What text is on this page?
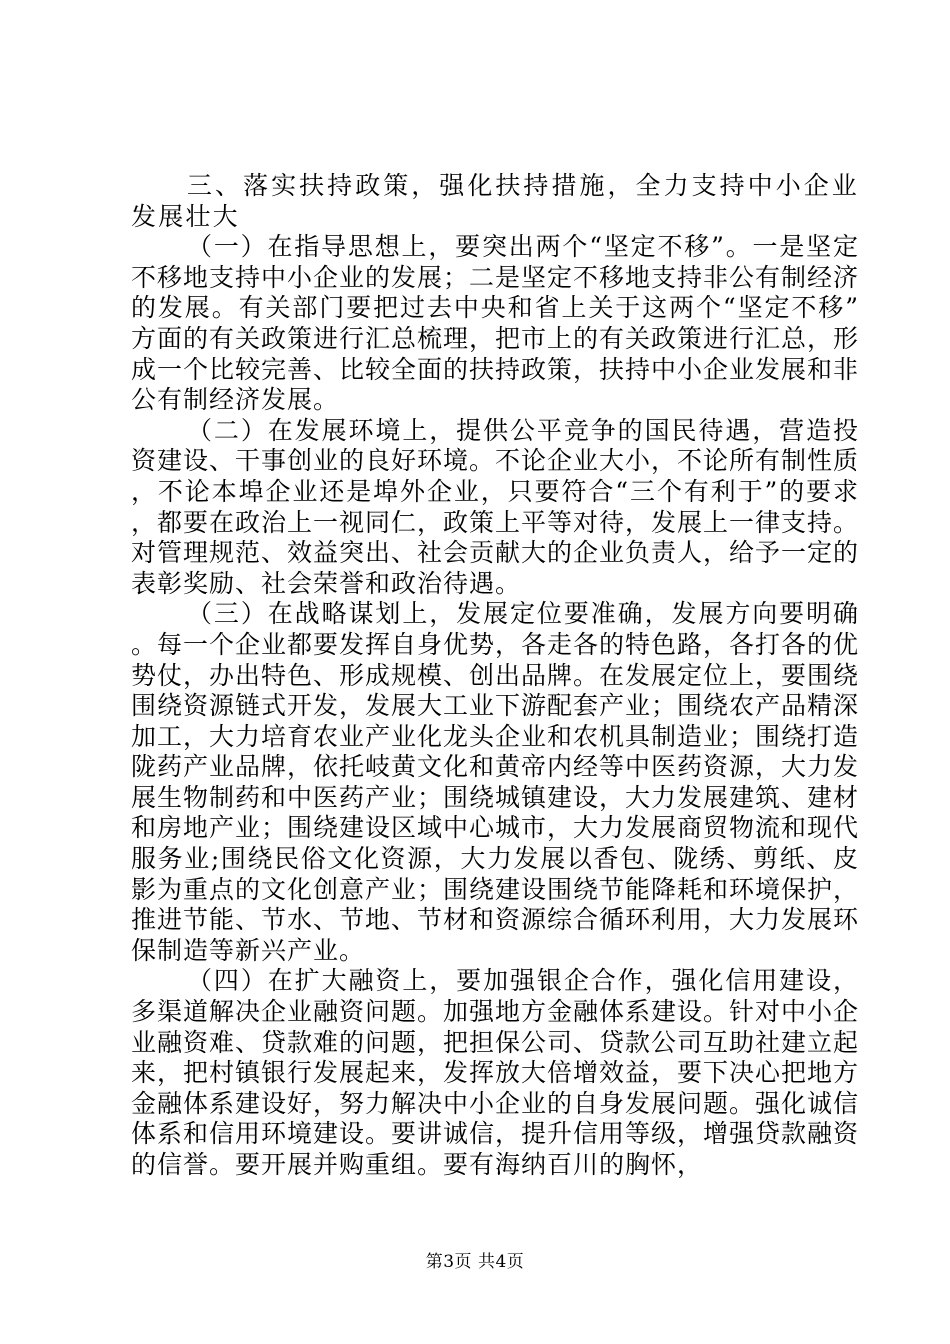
三、落实扶持政策，强化扶持措施，全力支持中小企业发展壮大

（一）在指导思想上，要突出两个“坚定不移”。一是坚定不移地支持中小企业的发展；二是坚定不移地支持非公有制经济的发展。有关部门要把过去中央和省上关于这两个“坚定不移”方面的有关政策进行汇总梳理，把市上的有关政策进行汇总，形成一个比较完善、比较全面的扶持政策，扶持中小企业发展和非公有制经济发展。

（二）在发展环境上，提供公平竞争的国民待遇，营造投资建设、干事创业的良好环境。不论企业大小，不论所有制性质，不论本埠企业还是埠外企业，只要符合“三个有利于”的要求，都要在政治上一视同仁，政策上平等对待，发展上一律支持。对管理规范、效益突出、社会贡献大的企业负责人，给予一定的表彰奖励、社会荣誉和政治待遇。

（三）在战略谋划上，发展定位要准确，发展方向要明确。每一个企业都要发挥自身优势，各走各的特色路，各打各的优势仗，办出特色、形成规模、创出品牌。在发展定位上，要围绕围绕资源链式开发，发展大工业下游配套产业；围绕农产品精深加工，大力培育农业产业化龙头企业和农机具制造业；围绕打造陇药产业品牌，依托岐黄文化和黄帝内经等中医药资源，大力发展生物制药和中医药产业；围绕城镇建设，大力发展建筑、建材和房地产业；围绕建设区域中心城市，大力发展商贸物流和现代服务业;围绕民俗文化资源，大力发展以香包、陇绣、剪纸、皮影为重点的文化创意产业；围绕建设围绕节能降耗和环境保护，推进节能、节水、节地、节材和资源综合循环利用，大力发展环保制造等新兴产业。

（四）在扩大融资上，要加强银企合作，强化信用建设，多渠道解决企业融资问题。加强地方金融体系建设。针对中小企业融资难、贷款难的问题，把担保公司、贷款公司互助社建立起来，把村镇银行发展起来，发挥放大倍增效益，要下决心把地方金融体系建设好，努力解决中小企业的自身发展问题。强化诚信体系和信用环境建设。要讲诚信，提升信用等级，增强贷款融资的信誉。要开展并购重组。要有海纳百川的胸怀，

第3页 共4页
